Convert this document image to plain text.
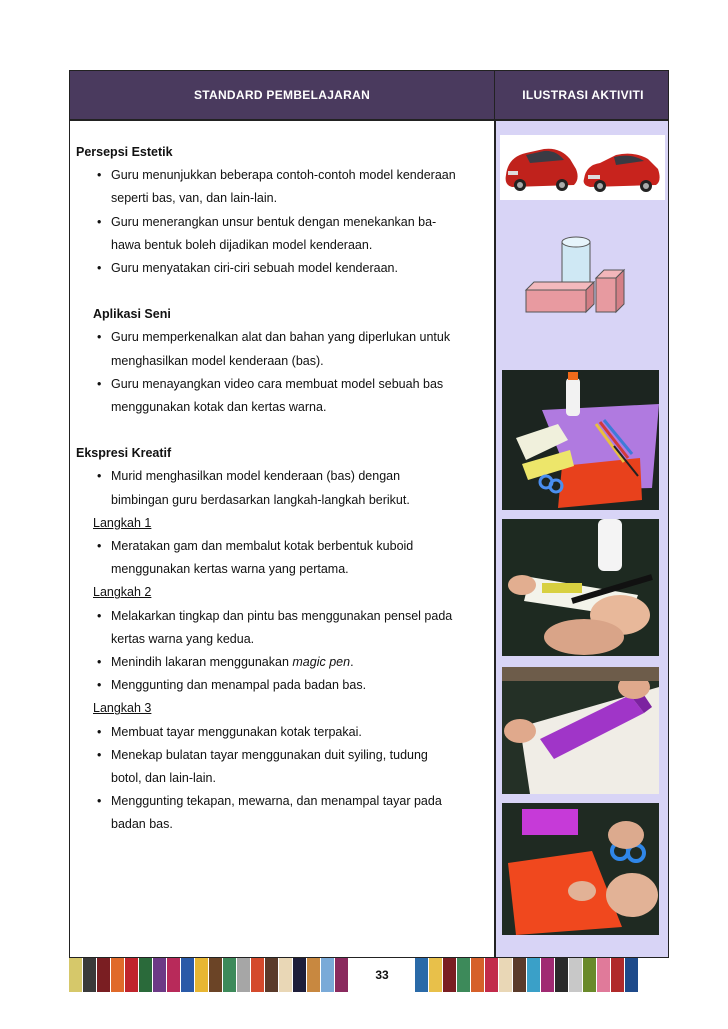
STANDARD PEMBELAJARAN	ILUSTRASI AKTIVITI
Persepsi Estetik
• Guru menunjukkan beberapa contoh-contoh model kenderaan
seperti bas, van, dan lain-lain.
• Guru menerangkan unsur bentuk dengan menekankan ba-
hawa bentuk boleh dijadikan model kenderaan.
• Guru menyatakan ciri-ciri sebuah model kenderaan.
Aplikasi Seni
• Guru memperkenalkan alat dan bahan yang diperlukan untuk
menghasilkan model kenderaan (bas).
• Guru menayangkan video cara membuat model sebuah bas
menggunakan kotak dan kertas warna.
Ekspresi Kreatif
• Murid menghasilkan model kenderaan (bas) dengan
bimbingan guru berdasarkan langkah-langkah berikut.
Langkah 1
• Meratakan gam dan membalut kotak berbentuk kuboid
menggunakan kertas warna yang pertama.
Langkah 2
• Melakarkan tingkap dan pintu bas menggunakan pensel pada
kertas warna yang kedua.
• Menindih lakaran menggunakan magic pen.
• Menggunting dan menampal pada badan bas.
Langkah 3
• Membuat tayar menggunakan kotak terpakai.
• Menekap bulatan tayar menggunakan duit syiling, tudung
botol, dan lain-lain.
• Menggunting tekapan, mewarna, dan menampal tayar pada
badan bas.
33
